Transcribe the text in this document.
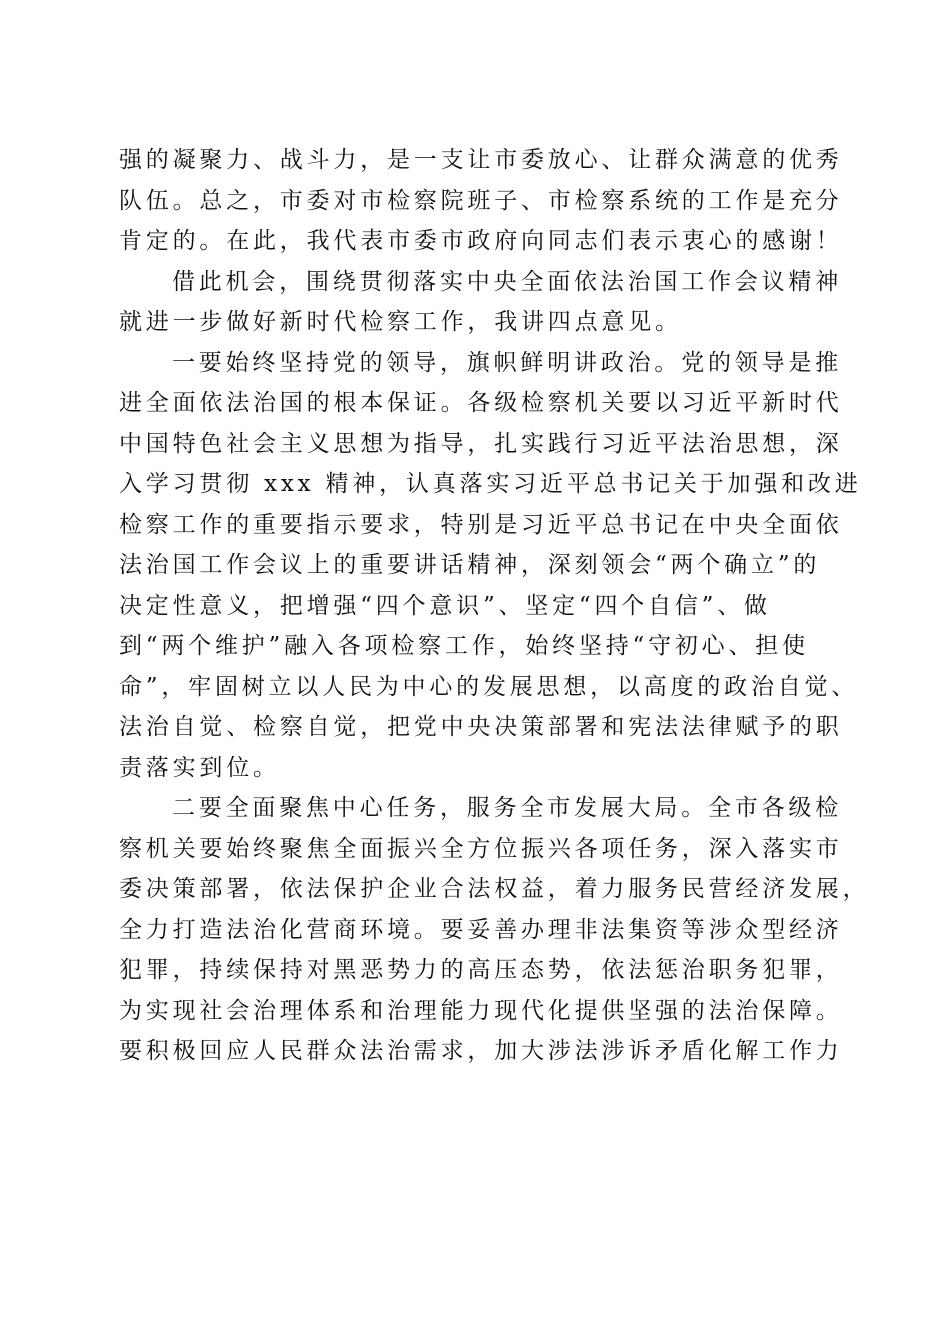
强的凝聚力、战斗力，是一支让市委放心、让群众满意的优秀
队伍。总之，市委对市检察院班子、市检察系统的工作是充分
肯定的。在此，我代表市委市政府向同志们表示衷心的感谢！
借此机会，围绕贯彻落实中央全面依法治国工作会议精神
就进一步做好新时代检察工作，我讲四点意见。
一要始终坚持党的领导，旗帜鲜明讲政治。党的领导是推
进全面依法治国的根本保证。各级检察机关要以习近平新时代
中国特色社会主义思想为指导，扎实践行习近平法治思想，深
入学习贯彻 xxx 精神，认真落实习近平总书记关于加强和改进
检察工作的重要指示要求，特别是习近平总书记在中央全面依
法治国工作会议上的重要讲话精神，深刻领会“两个确立”的
决定性意义，把增强“四个意识”、坚定“四个自信”、做
到“两个维护”融入各项检察工作，始终坚持“守初心、担使
命”，牢固树立以人民为中心的发展思想，以高度的政治自觉、
法治自觉、检察自觉，把党中央决策部署和宪法法律赋予的职
责落实到位。
二要全面聚焦中心任务，服务全市发展大局。全市各级检
察机关要始终聚焦全面振兴全方位振兴各项任务，深入落实市
委决策部署，依法保护企业合法权益，着力服务民营经济发展，
全力打造法治化营商环境。要妥善办理非法集资等涉众型经济
犯罪，持续保持对黑恶势力的高压态势，依法惩治职务犯罪，
为实现社会治理体系和治理能力现代化提供坚强的法治保障。
要积极回应人民群众法治需求，加大涉法涉诉矛盾化解工作力
